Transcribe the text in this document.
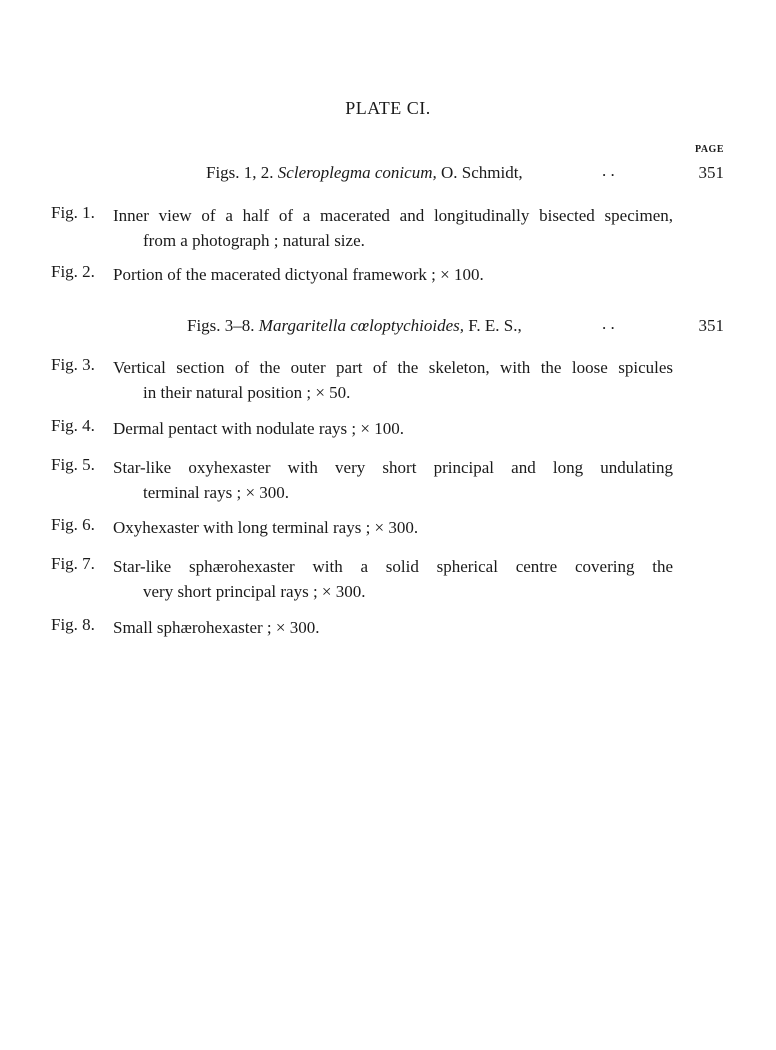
PLATE CI.
PAGE
Figs. 1, 2. Scleroplegma conicum, O. Schmidt,	. .	351
Fig. 1. Inner view of a half of a macerated and longitudinally bisected specimen,
from a photograph ; natural size.
Fig. 2. Portion of the macerated dictyonal framework ; × 100.
Figs. 3–8. Margaritella cœloptychioides, F. E. S.,	. .	351
Fig. 3. Vertical section of the outer part of the skeleton, with the loose spicules
in their natural position ; × 50.
Fig. 4. Dermal pentact with nodulate rays ; × 100.
Fig. 5. Star-like oxyhexaster with very short principal and long undulating
terminal rays ; × 300.
Fig. 6. Oxyhexaster with long terminal rays ; × 300.
Fig. 7. Star-like sphærohexaster with a solid spherical centre covering the
very short principal rays ; × 300.
Fig. 8. Small sphærohexaster ; × 300.
